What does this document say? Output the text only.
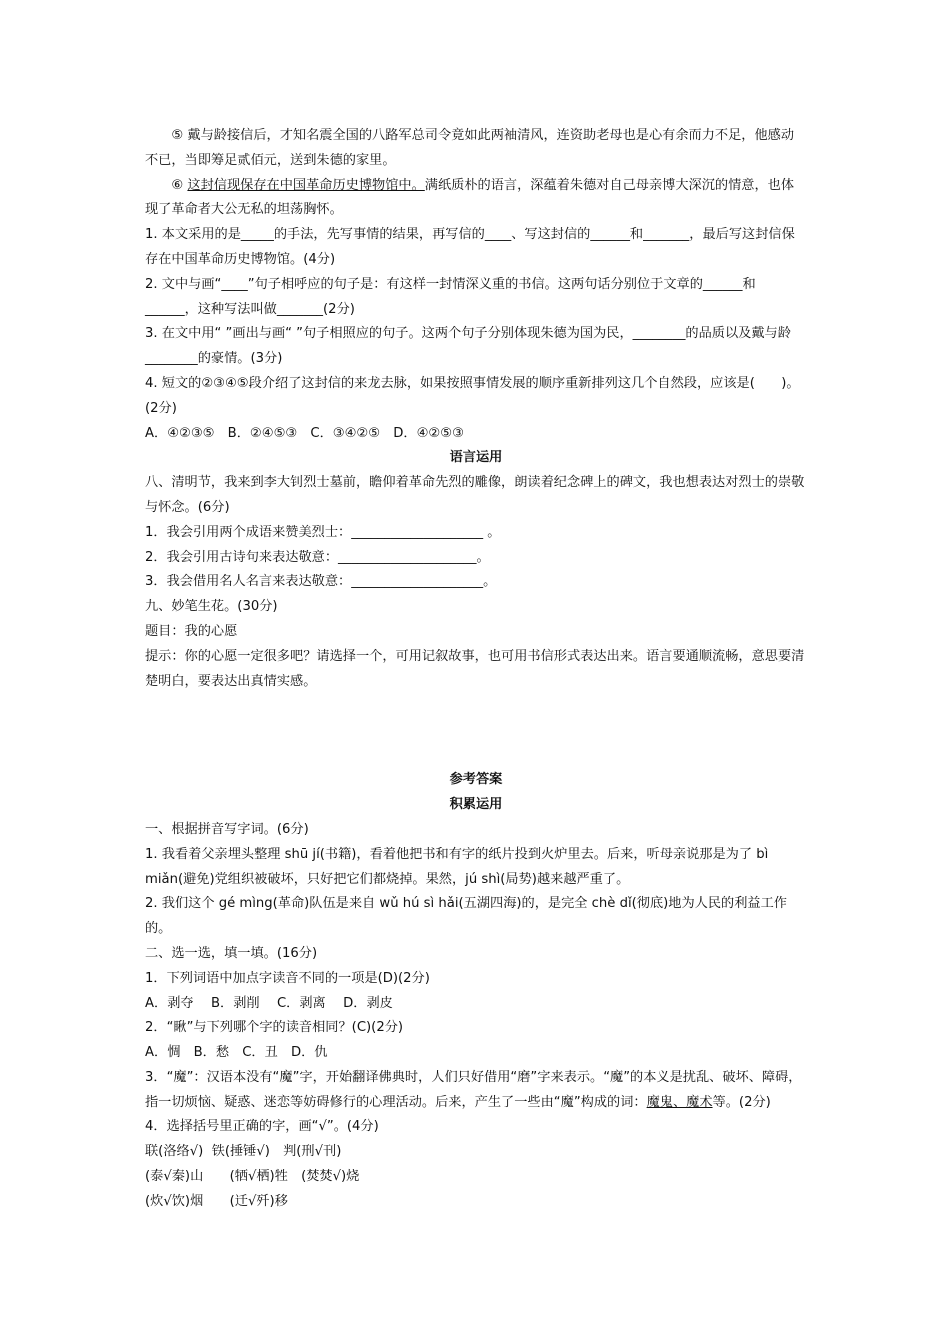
⑤ 戴与龄接信后，才知名震全国的八路军总司令竟如此两袖清风，连资助老母也是心有余而力不足，他感动不已，当即筹足贰佰元，送到朱德的家里。

⑥ 这封信现保存在中国革命历史博物馆中。满纸质朴的语言，深蕴着朱德对自己母亲博大深沉的情意，也体现了革命者大公无私的坦荡胸怀。

1. 本文采用的是_____的手法，先写事情的结果，再写信的____、写这封信的______和_______，最后写这封信保存在中国革命历史博物馆。(4分)

2. 文中与画“____”句子相呼应的句子是：有这样一封情深义重的书信。这两句话分别位于文章的______和______，这种写法叫做_______(2分)

3. 在文中用“ ”画出与画“ ”句子相照应的句子。这两个句子分别体现朱德为国为民，________的品质以及戴与龄________的豪情。(3分)

4. 短文的②③④⑤段介绍了这封信的来龙去脉，如果按照事情发展的顺序重新排列这几个自然段，应该是(　　)。(2分)

A．④②③⑤　B．②④⑤③　C．③④②⑤　D．④②⑤③

语言运用

八、清明节，我来到李大钊烈士墓前，瞻仰着革命先烈的雕像，朗读着纪念碑上的碑文，我也想表达对烈士的崇敬与怀念。(6分)

1．我会引用两个成语来赞美烈士：____________________ 。

2．我会引用古诗句来表达敬意：_____________________。

3．我会借用名人名言来表达敬意：____________________。

九、妙笔生花。(30分)

题目：我的心愿

提示：你的心愿一定很多吧？请选择一个，可用记叙故事，也可用书信形式表达出来。语言要通顺流畅，意思要清楚明白，要表达出真情实感。

参考答案

积累运用

一、根据拼音写字词。(6分)

1. 我看着父亲埋头整理 shū jí(书籍)，看着他把书和有字的纸片投到火炉里去。后来，听母亲说那是为了 bì miǎn(避免)党组织被破坏，只好把它们都烧掉。果然，jú shì(局势)越来越严重了。

2. 我们这个 gé mìng(革命)队伍是来自 wǔ hú sì hǎi(五湖四海)的，是完全 chè dǐ(彻底)地为人民的利益工作的。

二、选一选，填一填。(16分)

1．下列词语中加点字读音不同的一项是(D)(2分)

A．剥夺　 B．剥削　 C．剥离　 D．剥皮

2．“瞅”与下列哪个字的读音相同？(C)(2分)

A．惆　B．愁　C．丑　D．仇

3．“魔”：汉语本没有“魔”字，开始翻译佛典时，人们只好借用“磨”字来表示。“魔”的本义是扰乱、破坏、障碍，指一切烦恼、疑惑、迷恋等妨碍修行的心理活动。后来，产生了一些由“魔”构成的词：魔鬼、魔术等。(2分)

4．选择括号里正确的字，画“√”。(4分)

联(洛络√)  铁(捶锤√)　判(刑√刊)

(泰√秦)山　　(牺√栖)牲　(焚焚√)烧

(炊√饮)烟　　(迁√歼)移
